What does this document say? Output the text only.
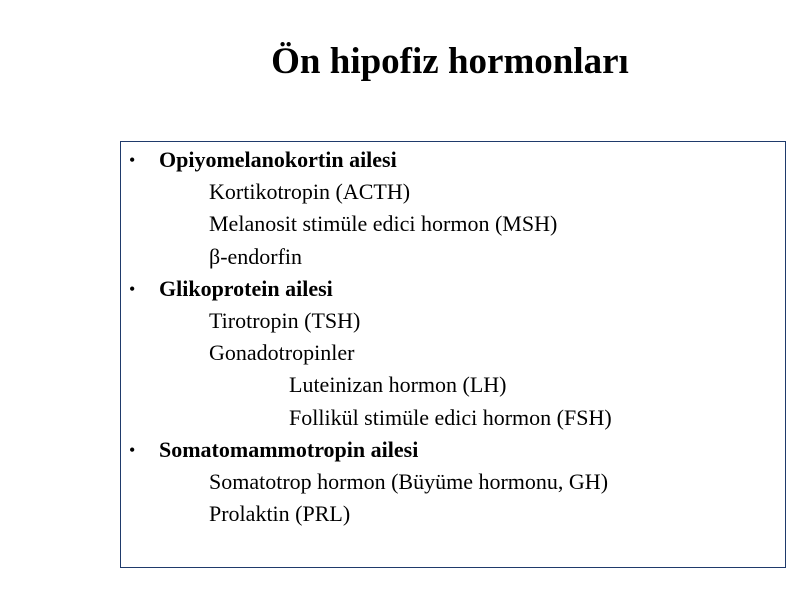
Ön hipofiz hormonları
• Opiyomelanokortin ailesi
Kortikotropin (ACTH)
Melanosit stimüle edici hormon (MSH)
β-endorfin
• Glikoprotein ailesi
Tirotropin (TSH)
Gonadotropinler
Luteinizan hormon (LH)
Follikül stimüle edici hormon (FSH)
• Somatomammotropin ailesi
Somatotrop hormon (Büyüme hormonu, GH)
Prolaktin (PRL)
